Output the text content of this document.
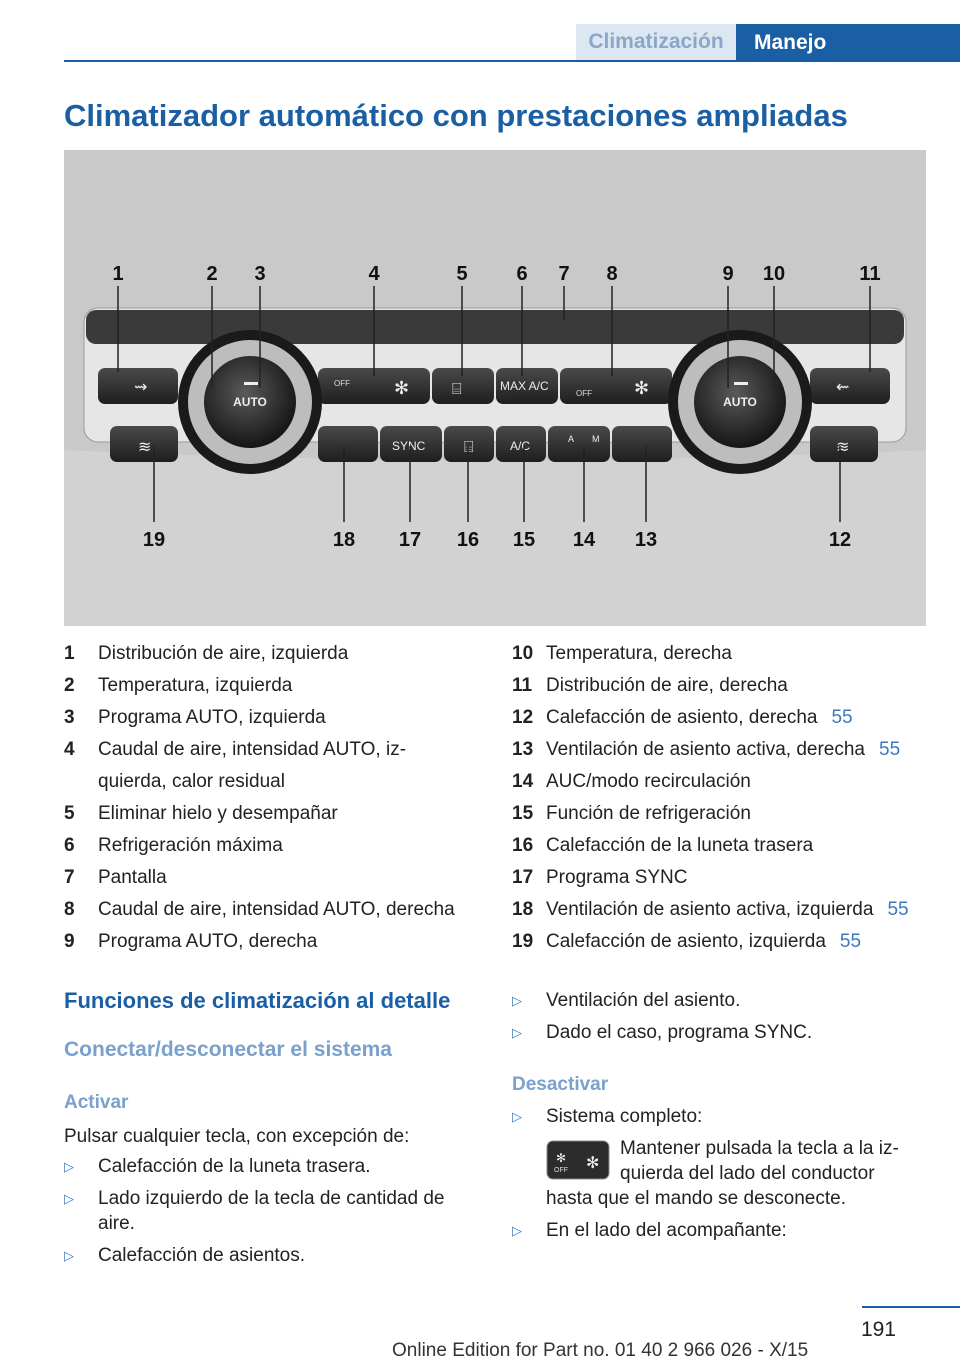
Climatización	Manejo
Climatizador automático con prestaciones ampliadas
OFF
OFF
MAX A/C
⇝	⇜
✻	✻
⌸
SYNC	A/C	A M
⌸
≋	≋
AUTO	AUTO
1	2 3	4	5 6 7 8	9 10	11
19	18 17 16 15 14 13	12
1	Distribución de aire, izquierda
2	Temperatura, izquierda
3	Programa AUTO, izquierda
4	Caudal de aire, intensidad AUTO, iz-
quierda, calor residual
5	Eliminar hielo y desempañar
6	Refrigeración máxima
7	Pantalla
8	Caudal de aire, intensidad AUTO, derecha
9	Programa AUTO, derecha
10 Temperatura, derecha
11 Distribución de aire, derecha
12 Calefacción de asiento, derecha 55
13 Ventilación de asiento activa, derecha 55
14 AUC/modo recirculación
15 Función de refrigeración
16 Calefacción de la luneta trasera
17 Programa SYNC
18 Ventilación de asiento activa, izquierda 55
19 Calefacción de asiento, izquierda 55
Funciones de climatización al detalle
Conectar/desconectar el sistema
Activar

Pulsar cualquier tecla, con excepción de:

▷	Calefacción de la luneta trasera.
▷	Lado izquierdo de la tecla de cantidad de aire.
▷	Calefacción de asientos.
▷	Ventilación del asiento.
▷	Dado el caso, programa SYNC.
Desactivar
▷	Sistema completo:
✻
OFF ✻

Mantener pulsada la tecla a la iz-
quierda del lado del conductor

hasta que el mando se desconecte.

▷	En el lado del acompañante:
191
Online Edition for Part no. 01 40 2 966 026 - X/15
